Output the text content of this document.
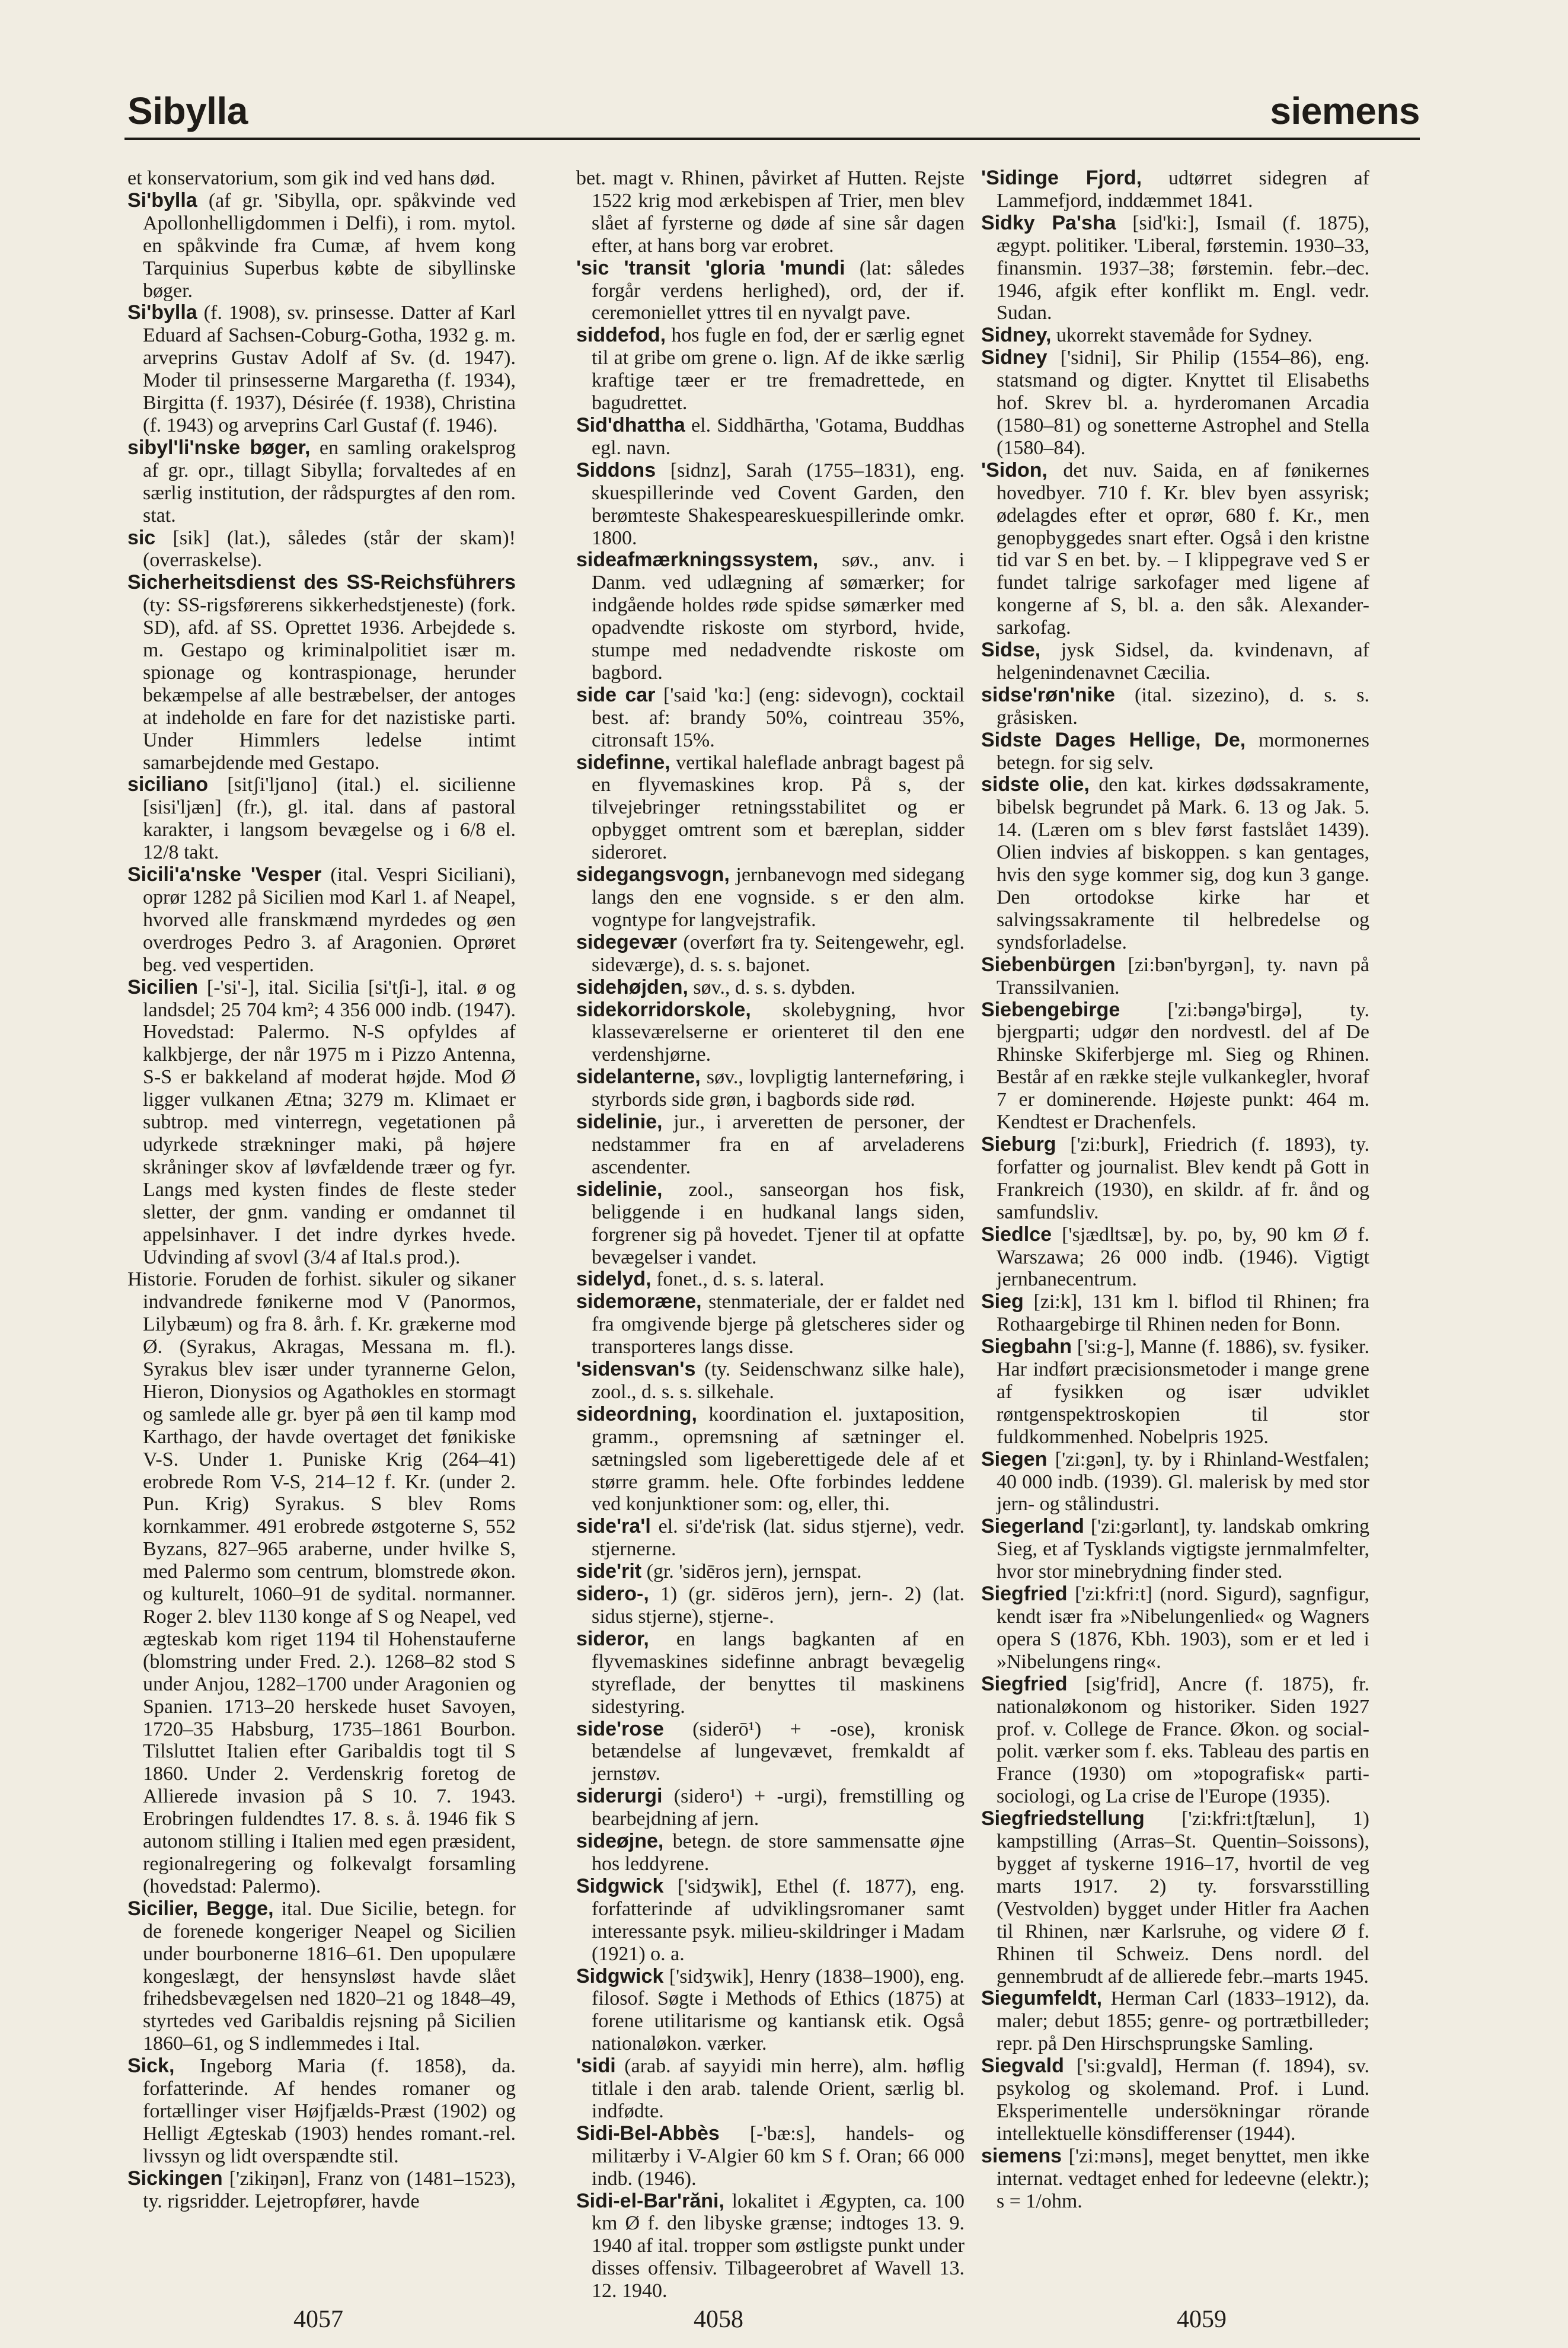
Sibylla	siemens

et konservatorium, som gik ind ved hans død.

Si'bylla (af gr. 'Sibylla, opr. spåkvinde ved Apollonhelligdommen i Delfi), i rom. mytol. en spåkvinde fra Cumæ, af hvem kong Tarquinius Superbus købte de sibyllinske bøger.

Si'bylla (f. 1908), sv. prinsesse. Datter af Karl Eduard af Sachsen-Coburg-Gotha, 1932 g. m. arveprins Gustav Adolf af Sv. (d. 1947). Moder til prinsesserne Margaretha (f. 1934), Birgitta (f. 1937), Désirée (f. 1938), Christina (f. 1943) og arveprins Carl Gustaf (f. 1946).

sibyl'li'nske bøger, en samling orakelsprog af gr. opr., tillagt Sibylla; forvaltedes af en særlig institution, der rådspurgtes af den rom. stat.

sic [sik] (lat.), således (står der skam)! (overraskelse).

Sicherheitsdienst des SS-Reichsführers (ty: SS-rigsførerens sikkerhedstjeneste) (fork. SD), afd. af SS. Oprettet 1936. Arbejdede s. m. Gestapo og kriminalpolitiet især m. spionage og kontraspionage, herunder bekæmpelse af alle bestræbelser, der antoges at indeholde en fare for det nazistiske parti. Under Himmlers ledelse intimt samarbejdende med Gestapo.

siciliano [sitʃi'ljɑno] (ital.) el. sicilienne [sisi'ljæn] (fr.), gl. ital. dans af pastoral karakter, i langsom bevægelse og i 6/8 el. 12/8 takt.

Sicili'a'nske 'Vesper (ital. Vespri Siciliani), oprør 1282 på Sicilien mod Karl 1. af Neapel, hvorved alle franskmænd myrdedes og øen overdroges Pedro 3. af Aragonien. Oprøret beg. ved vespertiden.

Sicilien [-'si'-], ital. Sicilia [si'tʃi-], ital. ø og landsdel; 25 704 km²; 4 356 000 indb. (1947). Hovedstad: Palermo. N-S opfyldes af kalkbjerge, der når 1975 m i Pizzo Antenna, S-S er bakkeland af moderat højde. Mod Ø ligger vulkanen Ætna; 3279 m. Klimaet er subtrop. med vinterregn, vegetationen på udyrkede strækninger maki, på højere skråninger skov af løvfældende træer og fyr. Langs med kysten findes de fleste steder sletter, der gnm. vanding er omdannet til appelsinhaver. I det indre dyrkes hvede. Udvinding af svovl (3/4 af Ital.s prod.).

Historie. Foruden de forhist. sikuler og sikaner indvandrede fønikerne mod V (Panormos, Lilybæum) og fra 8. årh. f. Kr. grækerne mod Ø. (Syrakus, Akragas, Messana m. fl.). Syrakus blev især under tyrannerne Gelon, Hieron, Dionysios og Agathokles en stormagt og samlede alle gr. byer på øen til kamp mod Karthago, der havde overtaget det fønikiske V-S. Under 1. Puniske Krig (264–41) erobrede Rom V-S, 214–12 f. Kr. (under 2. Pun. Krig) Syrakus. S blev Roms kornkammer. 491 erobrede østgoterne S, 552 Byzans, 827–965 araberne, under hvilke S, med Palermo som centrum, blomstrede økon. og kulturelt, 1060–91 de sydital. normanner. Roger 2. blev 1130 konge af S og Neapel, ved ægteskab kom riget 1194 til Hohenstauferne (blomstring under Fred. 2.). 1268–82 stod S under Anjou, 1282–1700 under Aragonien og Spanien. 1713–20 herskede huset Savoyen, 1720–35 Habsburg, 1735–1861 Bourbon. Tilsluttet Italien efter Garibaldis togt til S 1860. Under 2. Verdenskrig foretog de Allierede invasion på S 10. 7. 1943. Erobringen fuldendtes 17. 8. s. å. 1946 fik S autonom stilling i Italien med egen præsident, regionalregering og folkevalgt forsamling (hovedstad: Palermo).

Sicilier, Begge, ital. Due Sicilie, betegn. for de forenede kongeriger Neapel og Sicilien under bourbonerne 1816–61. Den upopulære kongeslægt, der hensynsløst havde slået frihedsbevægelsen ned 1820–21 og 1848–49, styrtedes ved Garibaldis rejsning på Sicilien 1860–61, og S indlemmedes i Ital.

Sick, Ingeborg Maria (f. 1858), da. forfatterinde. Af hendes romaner og fortællinger viser Højfjælds-Præst (1902) og Helligt Ægteskab (1903) hendes romant.-rel. livssyn og lidt overspændte stil.

Sickingen ['zikiŋən], Franz von (1481–1523), ty. rigsridder. Lejetropfører, havde

bet. magt v. Rhinen, påvirket af Hutten. Rejste 1522 krig mod ærkebispen af Trier, men blev slået af fyrsterne og døde af sine sår dagen efter, at hans borg var erobret.

'sic 'transit 'gloria 'mundi (lat: således forgår verdens herlighed), ord, der if. ceremoniellet yttres til en nyvalgt pave.

siddefod, hos fugle en fod, der er særlig egnet til at gribe om grene o. lign. Af de ikke særlig kraftige tæer er tre fremadrettede, en bagudrettet.

Sid'dhattha el. Siddhārtha, 'Gotama, Buddhas egl. navn.

Siddons [sidnz], Sarah (1755–1831), eng. skuespillerinde ved Covent Garden, den berømteste Shakespeareskuespillerinde omkr. 1800.

sideafmærkningssystem, søv., anv. i Danm. ved udlægning af sømærker; for indgående holdes røde spidse sømærker med opadvendte riskoste om styrbord, hvide, stumpe med nedadvendte riskoste om bagbord.

side car ['said 'kɑ:] (eng: sidevogn), cocktail best. af: brandy 50%, cointreau 35%, citronsaft 15%.

sidefinne, vertikal haleflade anbragt bagest på en flyvemaskines krop. På s, der tilvejebringer retningsstabilitet og er opbygget omtrent som et bæreplan, sidder sideroret.

sidegangsvogn, jernbanevogn med sidegang langs den ene vognside. s er den alm. vogntype for langvejstrafik.

sidegevær (overført fra ty. Seitengewehr, egl. sideværge), d. s. s. bajonet.

sidehøjden, søv., d. s. s. dybden.

sidekorridorskole, skolebygning, hvor klasseværelserne er orienteret til den ene verdenshjørne.

sidelanterne, søv., lovpligtig lanterneføring, i styrbords side grøn, i bagbords side rød.

sidelinie, jur., i arveretten de personer, der nedstammer fra en af arveladerens ascendenter.

sidelinie, zool., sanseorgan hos fisk, beliggende i en hudkanal langs siden, forgrener sig på hovedet. Tjener til at opfatte bevægelser i vandet.

sidelyd, fonet., d. s. s. lateral.

sidemoræne, stenmateriale, der er faldet ned fra omgivende bjerge på gletscheres sider og transporteres langs disse.

'sidensvan's (ty. Seidenschwanz silke hale), zool., d. s. s. silkehale.

sideordning, koordination el. juxtaposition, gramm., opremsning af sætninger el. sætningsled som ligeberettigede dele af et større gramm. hele. Ofte forbindes leddene ved konjunktioner som: og, eller, thi.

side'ra'l el. si'de'risk (lat. sidus stjerne), vedr. stjernerne.

side'rit (gr. 'sidēros jern), jernspat.

sidero-, 1) (gr. sidēros jern), jern-. 2) (lat. sidus stjerne), stjerne-.

sideror, en langs bagkanten af en flyvemaskines sidefinne anbragt bevægelig styreflade, der benyttes til maskinens sidestyring.

side'rose (siderō¹) + -ose), kronisk betændelse af lungevævet, fremkaldt af jernstøv.

siderurgi (sidero¹) + -urgi), fremstilling og bearbejdning af jern.

sideøjne, betegn. de store sammensatte øjne hos leddyrene.

Sidgwick ['sidʒwik], Ethel (f. 1877), eng. forfatterinde af udviklingsromaner samt interessante psyk. milieu-skildringer i Madam (1921) o. a.

Sidgwick ['sidʒwik], Henry (1838–1900), eng. filosof. Søgte i Methods of Ethics (1875) at forene utilitarisme og kantiansk etik. Også nationaløkon. værker.

'sidi (arab. af sayyidi min herre), alm. høflig titlale i den arab. talende Orient, særlig bl. indfødte.

Sidi-Bel-Abbès [-'bæ:s], handels- og militærby i V-Algier 60 km S f. Oran; 66 000 indb. (1946).

Sidi-el-Bar'răni, lokalitet i Ægypten, ca. 100 km Ø f. den libyske grænse; indtoges 13. 9. 1940 af ital. tropper som østligste punkt under disses offensiv. Tilbageerobret af Wavell 13. 12. 1940.

'Sidinge Fjord, udtørret sidegren af Lammefjord, inddæmmet 1841.

Sidky Pa'sha [sid'ki:], Ismail (f. 1875), ægypt. politiker. 'Liberal, førstemin. 1930–33, finansmin. 1937–38; førstemin. febr.–dec. 1946, afgik efter konflikt m. Engl. vedr. Sudan.

Sidney, ukorrekt stavemåde for Sydney.

Sidney ['sidni], Sir Philip (1554–86), eng. statsmand og digter. Knyttet til Elisabeths hof. Skrev bl. a. hyrderomanen Arcadia (1580–81) og sonetterne Astrophel and Stella (1580–84).

'Sidon, det nuv. Saida, en af fønikernes hovedbyer. 710 f. Kr. blev byen assyrisk; ødelagdes efter et oprør, 680 f. Kr., men genopbyggedes snart efter. Også i den kristne tid var S en bet. by. – I klippegrave ved S er fundet talrige sarkofager med ligene af kongerne af S, bl. a. den såk. Alexander-sarkofag.

Sidse, jysk Sidsel, da. kvindenavn, af helgenindenavnet Cæcilia.

sidse'røn'nike (ital. sizezino), d. s. s. gråsisken.

Sidste Dages Hellige, De, mormonernes betegn. for sig selv.

sidste olie, den kat. kirkes dødssakramente, bibelsk begrundet på Mark. 6. 13 og Jak. 5. 14. (Læren om s blev først fastslået 1439). Olien indvies af biskoppen. s kan gentages, hvis den syge kommer sig, dog kun 3 gange. Den ortodokse kirke har et salvingssakramente til helbredelse og syndsforladelse.

Siebenbürgen [zi:bən'byrgən], ty. navn på Transsilvanien.

Siebengebirge ['zi:bəngə'birgə], ty. bjergparti; udgør den nordvestl. del af De Rhinske Skiferbjerge ml. Sieg og Rhinen. Består af en række stejle vulkankegler, hvoraf 7 er dominerende. Højeste punkt: 464 m. Kendtest er Drachenfels.

Sieburg ['zi:burk], Friedrich (f. 1893), ty. forfatter og journalist. Blev kendt på Gott in Frankreich (1930), en skildr. af fr. ånd og samfundsliv.

Siedlce ['sjædltsæ], by. po, by, 90 km Ø f. Warszawa; 26 000 indb. (1946). Vigtigt jernbanecentrum.

Sieg [zi:k], 131 km l. biflod til Rhinen; fra Rothaargebirge til Rhinen neden for Bonn.

Siegbahn ['si:g-], Manne (f. 1886), sv. fysiker. Har indført præcisionsmetoder i mange grene af fysikken og især udviklet røntgenspektroskopien til stor fuldkommenhed. Nobelpris 1925.

Siegen ['zi:gən], ty. by i Rhinland-Westfalen; 40 000 indb. (1939). Gl. malerisk by med stor jern- og stålindustri.

Siegerland ['zi:gərlɑnt], ty. landskab omkring Sieg, et af Tysklands vigtigste jernmalmfelter, hvor stor minebrydning finder sted.

Siegfried ['zi:kfri:t] (nord. Sigurd), sagnfigur, kendt især fra »Nibelungenlied« og Wagners opera S (1876, Kbh. 1903), som er et led i »Nibelungens ring«.

Siegfried [sig'frid], Ancre (f. 1875), fr. nationaløkonom og historiker. Siden 1927 prof. v. College de France. Økon. og social-polit. værker som f. eks. Tableau des partis en France (1930) om »topografisk« parti-sociologi, og La crise de l'Europe (1935).

Siegfriedstellung ['zi:kfri:tʃtælun], 1) kampstilling (Arras–St. Quentin–Soissons), bygget af tyskerne 1916–17, hvortil de veg marts 1917. 2) ty. forsvarsstilling (Vestvolden) bygget under Hitler fra Aachen til Rhinen, nær Karlsruhe, og videre Ø f. Rhinen til Schweiz. Dens nordl. del gennembrudt af de allierede febr.–marts 1945.

Siegumfeldt, Herman Carl (1833–1912), da. maler; debut 1855; genre- og portrætbilleder; repr. på Den Hirschsprungske Samling.

Siegvald ['si:gvald], Herman (f. 1894), sv. psykolog og skolemand. Prof. i Lund. Eksperimentelle undersökningar rörande intellektuelle könsdifferenser (1944).

siemens ['zi:məns], meget benyttet, men ikke internat. vedtaget enhed for ledeevne (elektr.); s = 1/ohm.

4057	4058	4059
